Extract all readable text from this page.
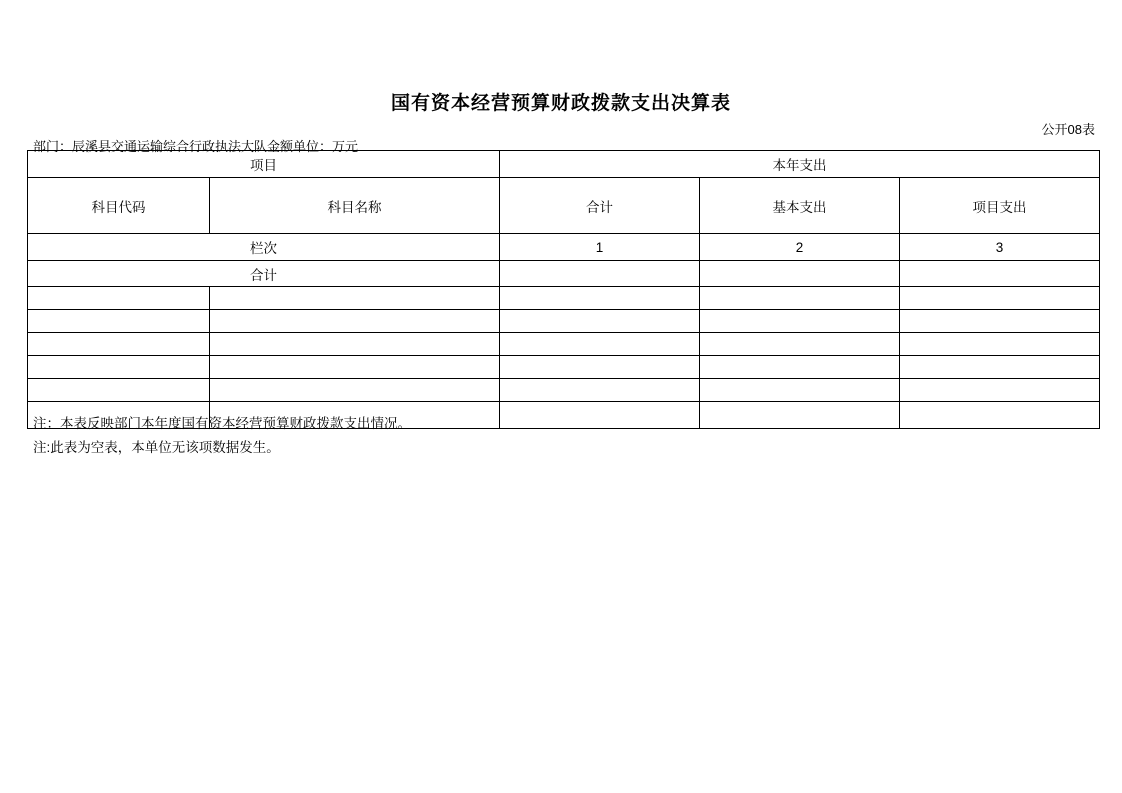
国有资本经营预算财政拨款支出决算表
公开08表
部门：辰溪县交通运输综合行政执法大队金额单位：万元
项目		本年支出		
科目代码	科目名称	合计	基本支出	项目支出
栏次		1	2	3
合计				

注：本表反映部门本年度国有资本经营预算财政拨款支出情况。
注:此表为空表，本单位无该项数据发生。
